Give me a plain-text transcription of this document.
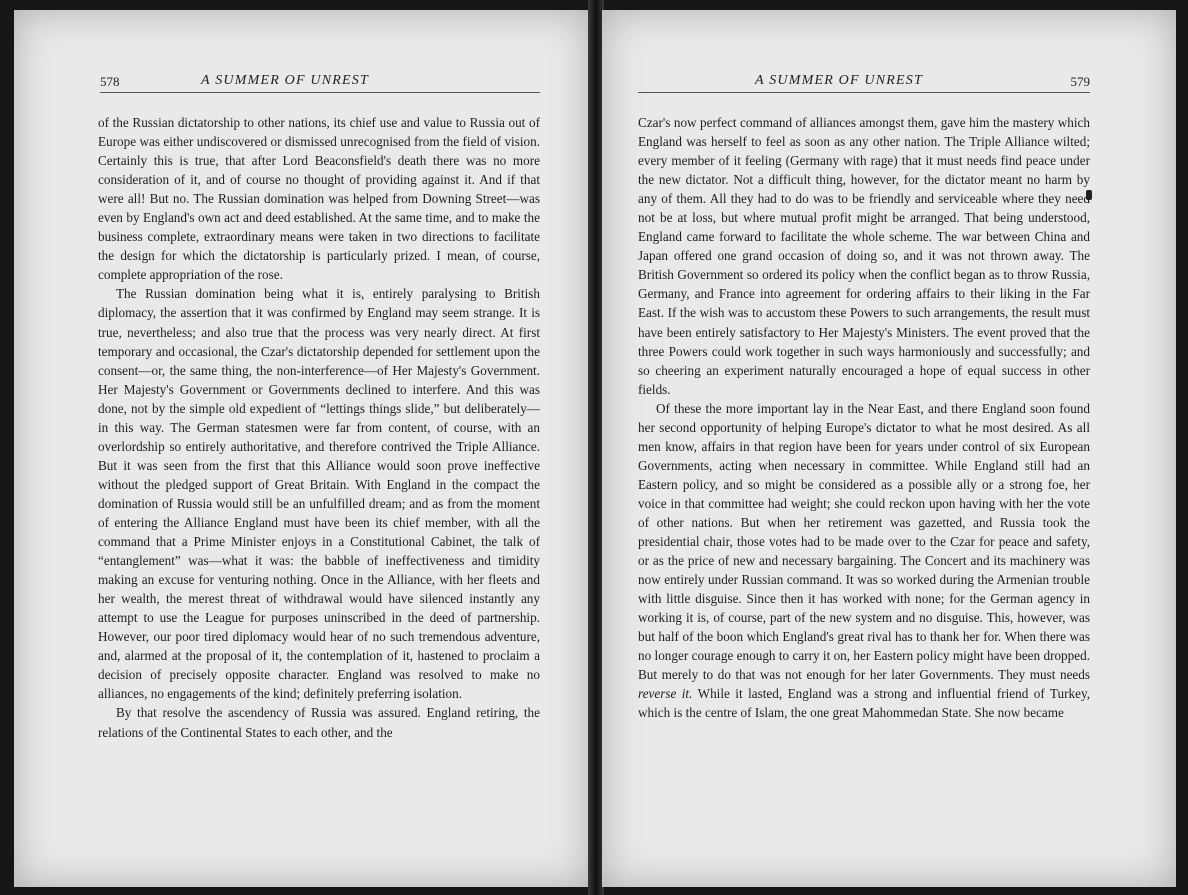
578	A SUMMER OF UNREST

of the Russian dictatorship to other nations, its chief use and value to Russia out of Europe was either undiscovered or dismissed unrecognised from the field of vision. Certainly this is true, that after Lord Beaconsfield's death there was no more consideration of it, and of course no thought of providing against it. And if that were all! But no. The Russian domination was helped from Downing Street—was even by England's own act and deed established. At the same time, and to make the business complete, extraordinary means were taken in two directions to facilitate the design for which the dictatorship is particularly prized. I mean, of course, complete appropriation of the rose.

The Russian domination being what it is, entirely paralysing to British diplomacy, the assertion that it was confirmed by England may seem strange. It is true, nevertheless; and also true that the process was very nearly direct. At first temporary and occasional, the Czar's dictatorship depended for settlement upon the consent—or, the same thing, the non-interference—of Her Majesty's Government. Her Majesty's Government or Governments declined to interfere. And this was done, not by the simple old expedient of “lettings things slide,” but deliberately—in this way. The German statesmen were far from content, of course, with an overlordship so entirely authoritative, and therefore contrived the Triple Alliance. But it was seen from the first that this Alliance would soon prove ineffective without the pledged support of Great Britain. With England in the compact the domination of Russia would still be an unfulfilled dream; and as from the moment of entering the Alliance England must have been its chief member, with all the command that a Prime Minister enjoys in a Constitutional Cabinet, the talk of “entanglement” was—what it was: the babble of ineffectiveness and timidity making an excuse for venturing nothing. Once in the Alliance, with her fleets and her wealth, the merest threat of withdrawal would have silenced instantly any attempt to use the League for purposes uninscribed in the deed of partnership. However, our poor tired diplomacy would hear of no such tremendous adventure, and, alarmed at the proposal of it, the contemplation of it, hastened to proclaim a decision of precisely opposite character. England was resolved to make no alliances, no engagements of the kind; definitely preferring isolation.

By that resolve the ascendency of Russia was assured. England retiring, the relations of the Continental States to each other, and the

A SUMMER OF UNREST	579

Czar's now perfect command of alliances amongst them, gave him the mastery which England was herself to feel as soon as any other nation. The Triple Alliance wilted; every member of it feeling (Germany with rage) that it must needs find peace under the new dictator. Not a difficult thing, however, for the dictator meant no harm by any of them. All they had to do was to be friendly and serviceable where they need not be at loss, but where mutual profit might be arranged. That being understood, England came forward to facilitate the whole scheme. The war between China and Japan offered one grand occasion of doing so, and it was not thrown away. The British Government so ordered its policy when the conflict began as to throw Russia, Germany, and France into agreement for ordering affairs to their liking in the Far East. If the wish was to accustom these Powers to such arrangements, the result must have been entirely satisfactory to Her Majesty's Ministers. The event proved that the three Powers could work together in such ways harmoniously and successfully; and so cheering an experiment naturally encouraged a hope of equal success in other fields.

Of these the more important lay in the Near East, and there England soon found her second opportunity of helping Europe's dictator to what he most desired. As all men know, affairs in that region have been for years under control of six European Governments, acting when necessary in committee. While England still had an Eastern policy, and so might be considered as a possible ally or a strong foe, her voice in that committee had weight; she could reckon upon having with her the vote of other nations. But when her retirement was gazetted, and Russia took the presidential chair, those votes had to be made over to the Czar for peace and safety, or as the price of new and necessary bargaining. The Concert and its machinery was now entirely under Russian command. It was so worked during the Armenian trouble with little disguise. Since then it has worked with none; for the German agency in working it is, of course, part of the new system and no disguise. This, however, was but half of the boon which England's great rival has to thank her for. When there was no longer courage enough to carry it on, her Eastern policy might have been dropped. But merely to do that was not enough for her later Governments. They must needs reverse it. While it lasted, England was a strong and influential friend of Turkey, which is the centre of Islam, the one great Mahommedan State. She now became
